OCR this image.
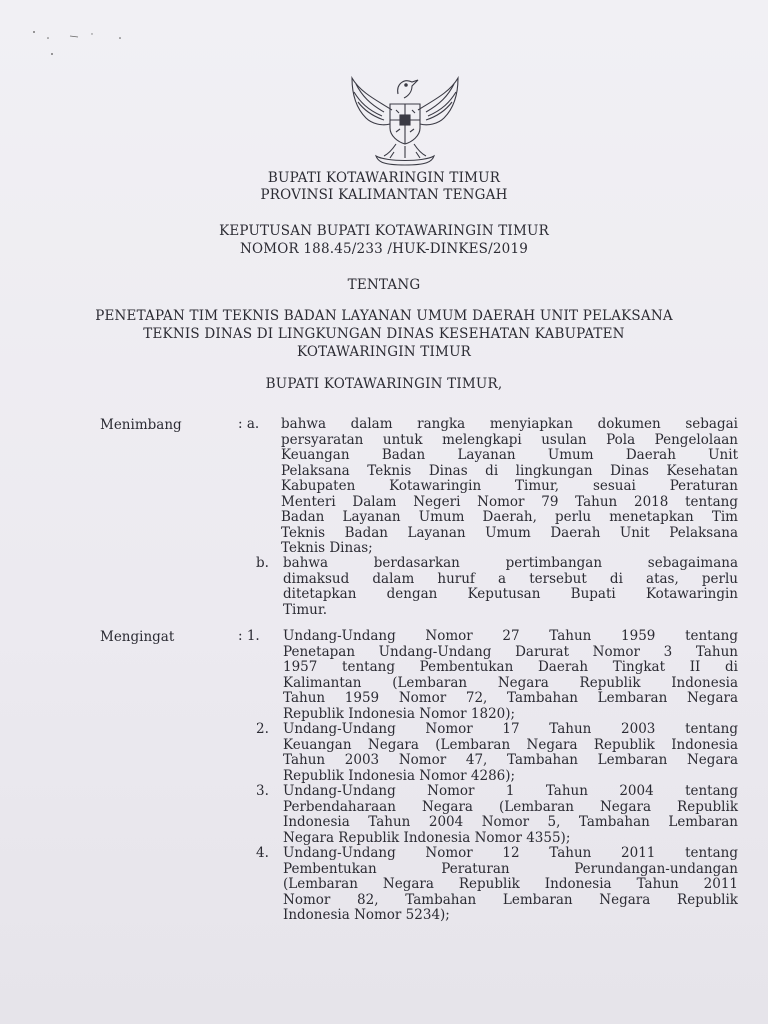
BUPATI KOTAWARINGIN TIMUR
PROVINSI KALIMANTAN TENGAH
KEPUTUSAN BUPATI KOTAWARINGIN TIMUR
NOMOR 188.45/233 /HUK-DINKES/2019
TENTANG
PENETAPAN TIM TEKNIS BADAN LAYANAN UMUM DAERAH UNIT PELAKSANA
TEKNIS DINAS DI LINGKUNGAN DINAS KESEHATAN KABUPATEN
KOTAWARINGIN TIMUR
BUPATI KOTAWARINGIN TIMUR,
Menimbang	: a. bahwa dalam rangka menyiapkan dokumen sebagai
persyaratan untuk melengkapi usulan Pola Pengelolaan
Keuangan Badan Layanan Umum Daerah Unit
Pelaksana Teknis Dinas di lingkungan Dinas Kesehatan
Kabupaten Kotawaringin Timur, sesuai Peraturan
Menteri Dalam Negeri Nomor 79 Tahun 2018 tentang
Badan Layanan Umum Daerah, perlu menetapkan Tim
Teknis Badan Layanan Umum Daerah Unit Pelaksana
Teknis Dinas;
b. bahwa berdasarkan pertimbangan sebagaimana
dimaksud dalam huruf a tersebut di atas, perlu
ditetapkan dengan Keputusan Bupati Kotawaringin
Timur.
Mengingat	: 1. Undang-Undang Nomor 27 Tahun 1959 tentang
Penetapan Undang-Undang Darurat Nomor 3 Tahun
1957 tentang Pembentukan Daerah Tingkat II di
Kalimantan (Lembaran Negara Republik Indonesia
Tahun 1959 Nomor 72, Tambahan Lembaran Negara
Republik Indonesia Nomor 1820);
2. Undang-Undang Nomor 17 Tahun 2003 tentang
Keuangan Negara (Lembaran Negara Republik Indonesia
Tahun 2003 Nomor 47, Tambahan Lembaran Negara
Republik Indonesia Nomor 4286);
3. Undang-Undang Nomor 1 Tahun 2004 tentang
Perbendaharaan Negara (Lembaran Negara Republik
Indonesia Tahun 2004 Nomor 5, Tambahan Lembaran
Negara Republik Indonesia Nomor 4355);
4. Undang-Undang Nomor 12 Tahun 2011 tentang
Pembentukan Peraturan Perundangan-undangan
(Lembaran Negara Republik Indonesia Tahun 2011
Nomor 82, Tambahan Lembaran Negara Republik
Indonesia Nomor 5234);
